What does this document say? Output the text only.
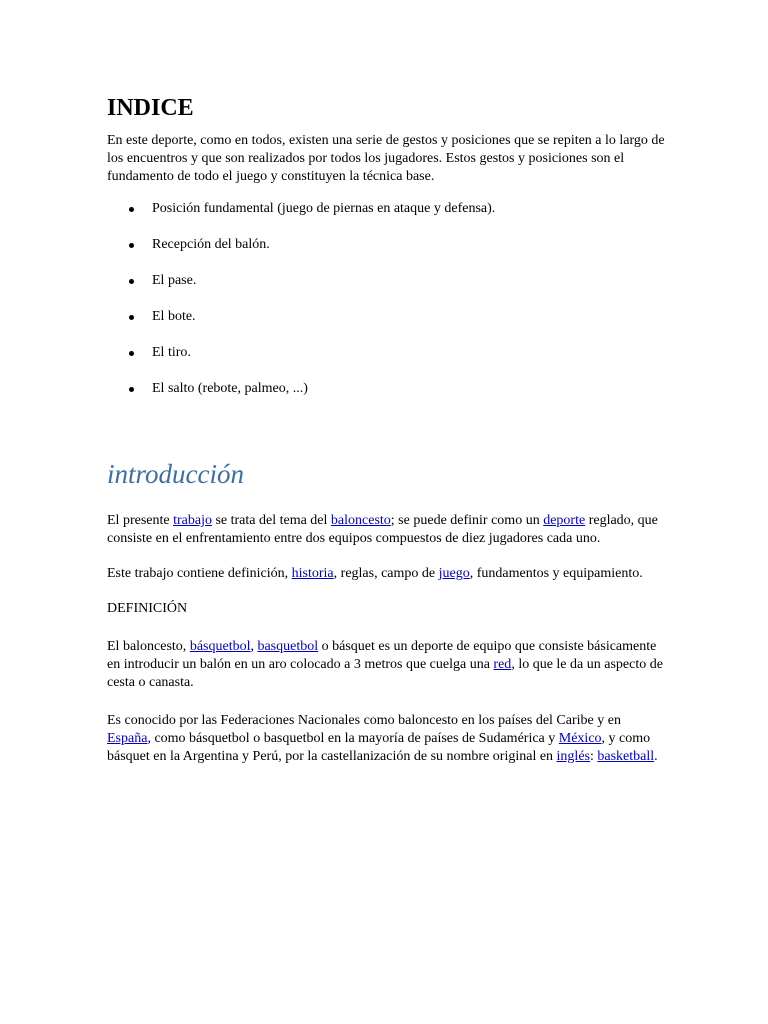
INDICE

En este deporte, como en todos, existen una serie de gestos y posiciones que se repiten a lo largo de los encuentros y que son realizados por todos los jugadores. Estos gestos y posiciones son el fundamento de todo el juego y constituyen la técnica base.

Posición fundamental (juego de piernas en ataque y defensa).
Recepción del balón.
El pase.
El bote.
El tiro.
El salto (rebote, palmeo, ...)
introducción

El presente trabajo se trata del tema del baloncesto; se puede definir como un deporte reglado, que consiste en el enfrentamiento entre dos equipos compuestos de diez jugadores cada uno.

Este trabajo contiene definición, historia, reglas, campo de juego, fundamentos y equipamiento.

DEFINICIÓN

El baloncesto, básquetbol, basquetbol o básquet es un deporte de equipo que consiste básicamente en introducir un balón en un aro colocado a 3 metros que cuelga una red, lo que le da un aspecto de cesta o canasta.

Es conocido por las Federaciones Nacionales como baloncesto en los países del Caribe y en España, como básquetbol o basquetbol en la mayoría de países de Sudamérica y México, y como básquet en la Argentina y Perú, por la castellanización de su nombre original en inglés: basketball.
